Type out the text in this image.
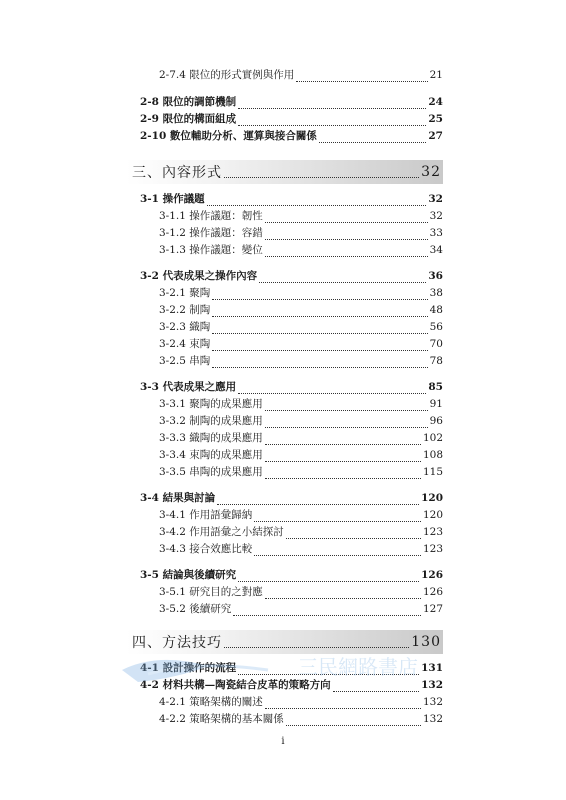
2-7.4 限位的形式實例與作用	21
2-8 限位的調節機制	24
2-9 限位的構面組成	25
2-10 數位輔助分析、運算與接合關係	27
三、內容形式	32
3-1 操作議題	32
3-1.1 操作議題：韌性	32
3-1.2 操作議題：容錯	33
3-1.3 操作議題：變位	34
3-2 代表成果之操作內容	36
3-2.1 聚陶	38
3-2.2 制陶	48
3-2.3 織陶	56
3-2.4 束陶	70
3-2.5 串陶	78
3-3 代表成果之應用	85
3-3.1 聚陶的成果應用	91
3-3.2 制陶的成果應用	96
3-3.3 織陶的成果應用	102
3-3.4 束陶的成果應用	108
3-3.5 串陶的成果應用	115
3-4 結果與討論	120
3-4.1 作用語彙歸納	120
3-4.2 作用語彙之小結探討	123
3-4.3 接合效應比較	123
3-5 結論與後續研究	126
3-5.1 研究目的之對應	126
3-5.2 後續研究	127
四、方法技巧	130
4-1 設計操作的流程	131
4-2 材料共構—陶瓷結合皮革的策略方向	132
4-2.1 策略架構的闡述	132
4-2.2 策略架構的基本關係	132
三民網路書店
i
